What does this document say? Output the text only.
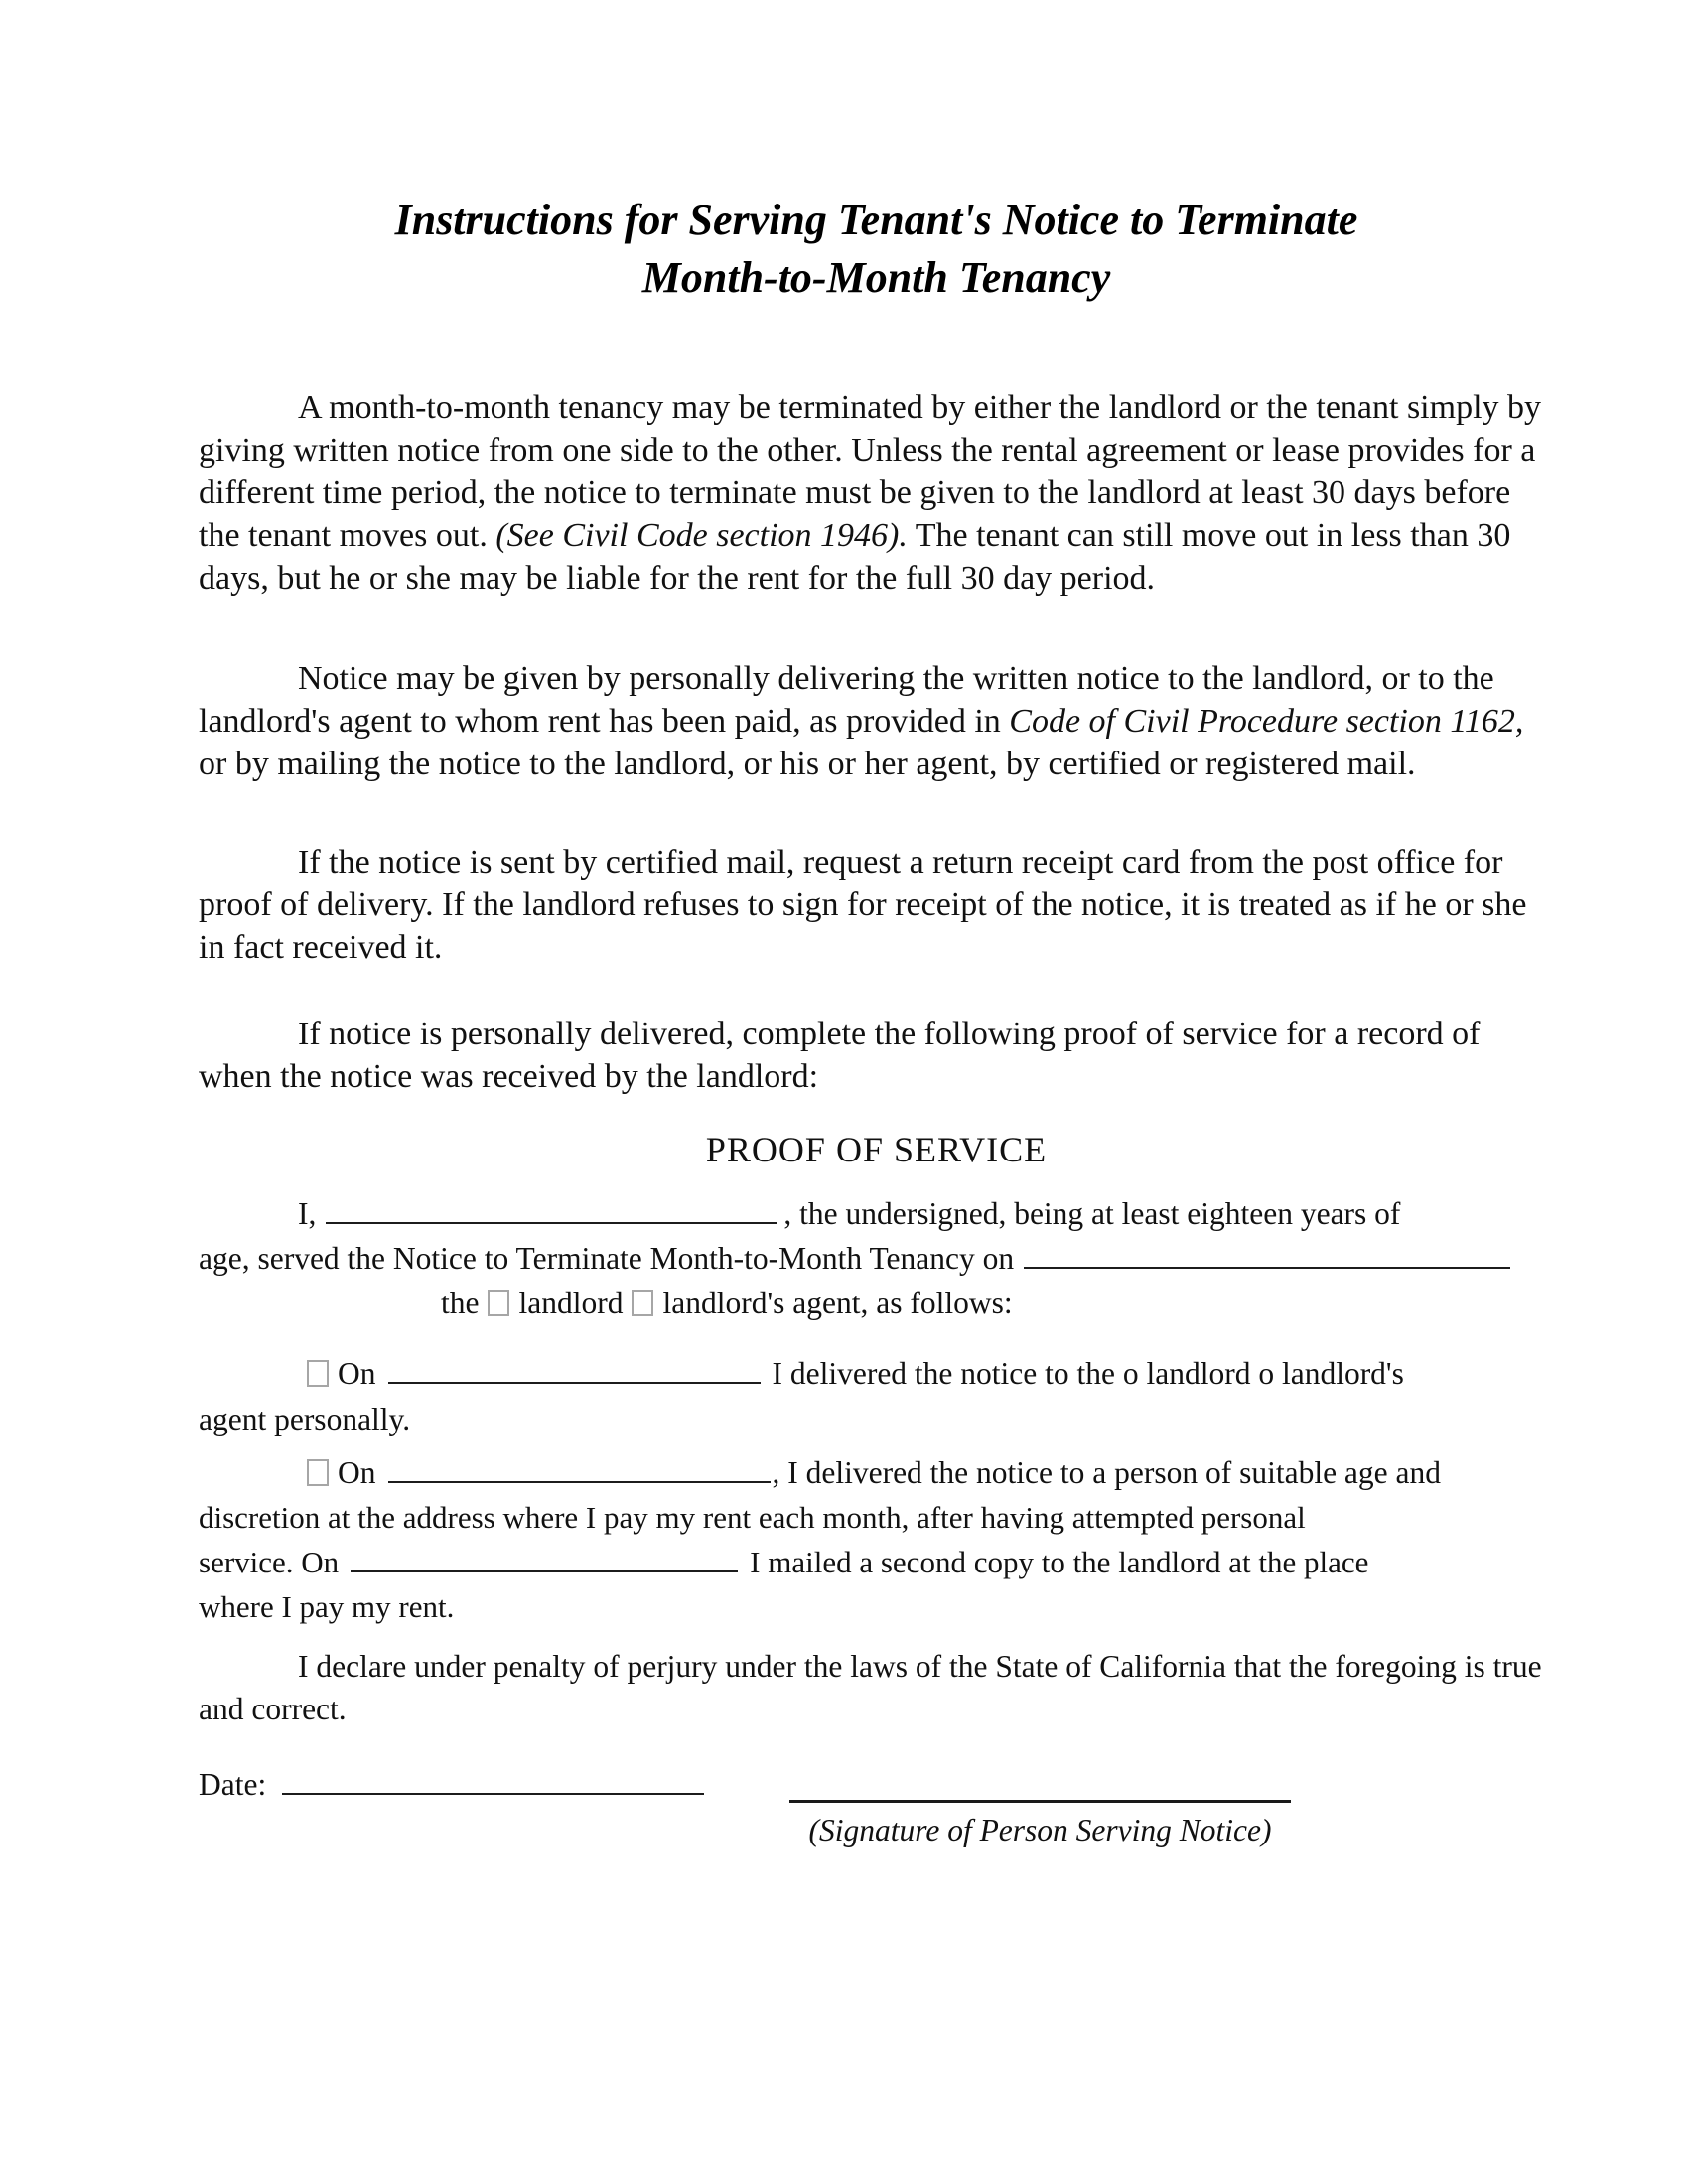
Instructions for Serving Tenant's Notice to Terminate
Month-to-Month Tenancy

A month-to-month tenancy may be terminated by either the landlord or the tenant simply by giving written notice from one side to the other. Unless the rental agreement or lease provides for a different time period, the notice to terminate must be given to the landlord at least 30 days before the tenant moves out. (See Civil Code section 1946). The tenant can still move out in less than 30 days, but he or she may be liable for the rent for the full 30 day period.

Notice may be given by personally delivering the written notice to the landlord, or to the landlord's agent to whom rent has been paid, as provided in Code of Civil Procedure section 1162, or by mailing the notice to the landlord, or his or her agent, by certified or registered mail.

If the notice is sent by certified mail, request a return receipt card from the post office for proof of delivery. If the landlord refuses to sign for receipt of the notice, it is treated as if he or she in fact received it.

If notice is personally delivered, complete the following proof of service for a record of when the notice was received by the landlord:

PROOF OF SERVICE
I,	, the undersigned, being at least eighteen years of
age, served the Notice to Terminate Month-to-Month Tenancy on
the landlord landlord's agent, as follows:
On	I delivered the notice to the o landlord o landlord's
agent personally.
On	, I delivered the notice to a person of suitable age and
discretion at the address where I pay my rent each month, after having attempted personal
service. On	I mailed a second copy to the landlord at the place
where I pay my rent.

I declare under penalty of perjury under the laws of the State of California that the foregoing is true and correct.

Date:
(Signature of Person Serving Notice)
